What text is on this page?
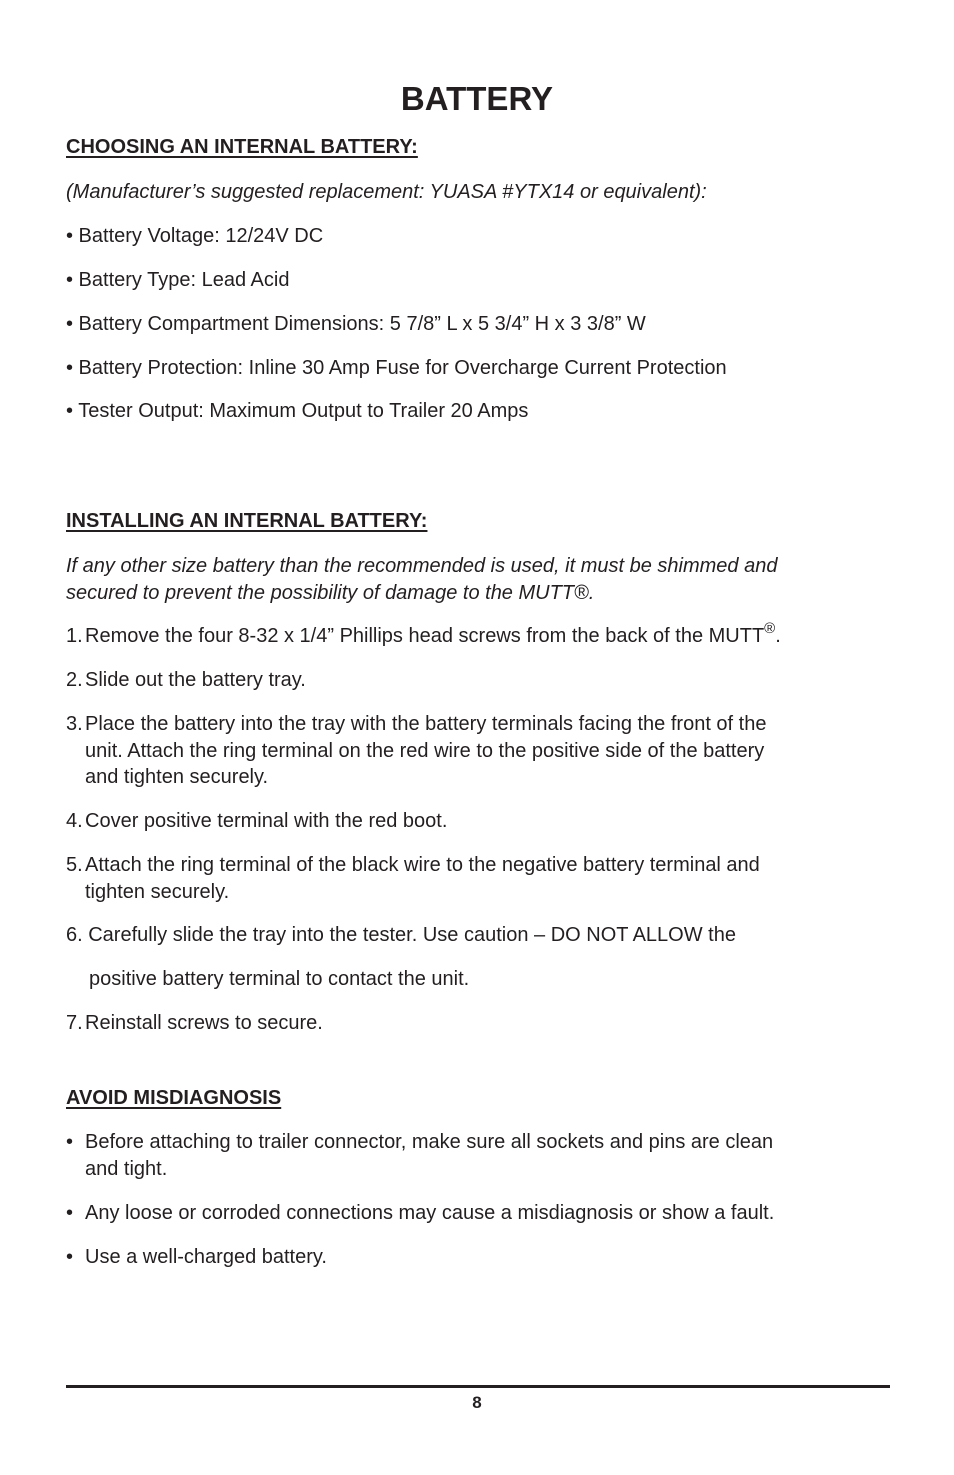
BATTERY
CHOOSING AN INTERNAL BATTERY:
(Manufacturer’s suggested replacement: YUASA #YTX14 or equivalent):
• Battery Voltage: 12/24V DC
• Battery Type: Lead Acid
• Battery Compartment Dimensions: 5 7/8” L x 5 3/4” H x 3 3/8” W
• Battery Protection: Inline 30 Amp Fuse for Overcharge Current Protection
• Tester Output: Maximum Output to Trailer 20 Amps
INSTALLING AN INTERNAL BATTERY:
If any other size battery than the recommended is used, it must be shimmed and
secured to prevent the possibility of damage to the MUTT®.
1. Remove the four 8-32 x 1/4” Phillips head screws from the back of the MUTT®.
2. Slide out the battery tray.
3. Place the battery into the tray with the battery terminals facing the front of the
unit. Attach the ring terminal on the red wire to the positive side of the battery
and tighten securely.
4. Cover positive terminal with the red boot.
5. Attach the ring terminal of the black wire to the negative battery terminal and
tighten securely.
6. Carefully slide the tray into the tester. Use caution – DO NOT ALLOW the
positive battery terminal to contact the unit.
7. Reinstall screws to secure.
AVOID MISDIAGNOSIS
• Before attaching to trailer connector, make sure all sockets and pins are clean
and tight.
• Any loose or corroded connections may cause a misdiagnosis or show a fault.
• Use a well-charged battery.
8
